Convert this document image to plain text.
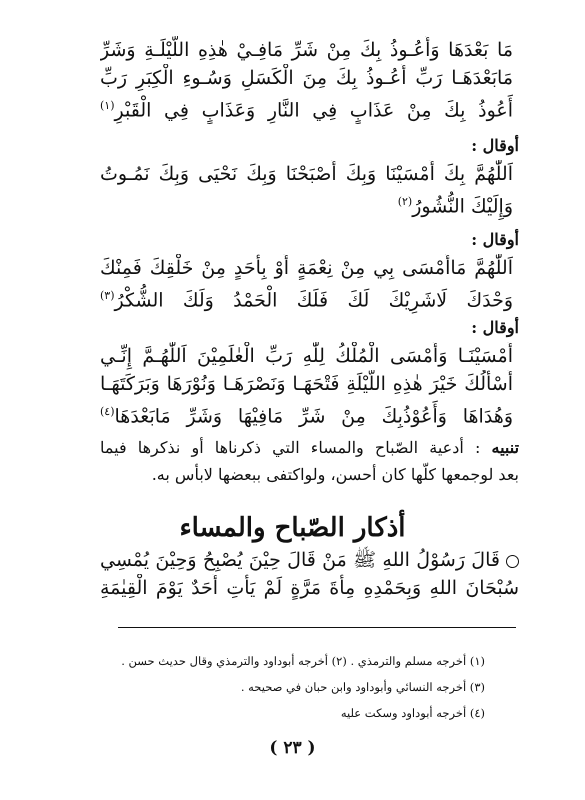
مَا بَعْدَهَا وَأَعُـوذُ بِكَ مِنْ شَرِّ مَافِـيْ هٰذِهِ اللَّيْلَـةِ وَشَرِّ
مَابَعْدَهَـا رَبِّ أَعُـوذُ بِكَ مِنَ الْكَسَلِ وَسُـوءِ الْكِبَرِ رَبِّ
أَعُوذُ بِكَ مِنْ عَذَابٍ فِي النَّارِ وَعَذَابٍ فِي الْقَبْرِ$^{(١)}$
أوقال :
اَللّٰهُمَّ بِكَ أَمْسَيْنَا وَبِكَ أَصْبَحْنَا وَبِكَ نَحْيَى وَبِكَ نَمُـوتُ
وَإِلَيْكَ النُّشُورُ$^{(٢)}$
أوقال :
اَللّٰهُمَّ مَاأَمْسَى بِي مِنْ نِعْمَةٍ أَوْ بِأَحَدٍ مِنْ خَلْقِكَ فَمِنْكَ
وَحْدَكَ لَاشَرِيْكَ لَكَ فَلَكَ الْحَمْدُ وَلَكَ الشُّكْرُ$^{(٣)}$
أوقال :
أَمْسَيْنَـا وَأَمْسَى الْمُلْكُ لِلّٰهِ رَبِّ الْعٰلَمِيْنَ اَللّٰهُـمَّ إِنِّـي
أَسْأَلُكَ خَيْرَ هٰذِهِ اللَّيْلَةِ فَتْحَهَـا وَنَصْرَهَـا وَنُوْرَهَا وَبَرَكَتَهَـا
وَهُدَاهَا وَأَعُوْذُبِكَ مِنْ شَرِّ مَافِيْهَا وَشَرِّ مَابَعْدَهَا$^{(٤)}$
تنبيه : أدعية الصّباح والمساء التي ذكرناها أو نذكرها فيما
بعد لوجمعها كلّها كان أحسن، ولواكتفى ببعضها لابأس به.
أذكار الصّباح والمساء
قَالَ رَسُوْلُ اللهِ ﷺ مَنْ قَالَ حِيْنَ يُصْبِحُ وَحِيْنَ يُمْسِي
سُبْحَانَ اللهِ وَبِحَمْدِهِ مِأَةَ مَرَّةٍ لَمْ يَأْتِ أَحَدٌ يَوْمَ الْقِيٰمَةِ
(١) أخرجه مسلم والترمذي . (٢) أخرجه أبوداود والترمذي وقال حديث حسن .
(٣) أخرجه النسائي وأبوداود وابن حبان في صحيحه .
(٤) أخرجه أبوداود وسكت عليه
( ٢٣ )
